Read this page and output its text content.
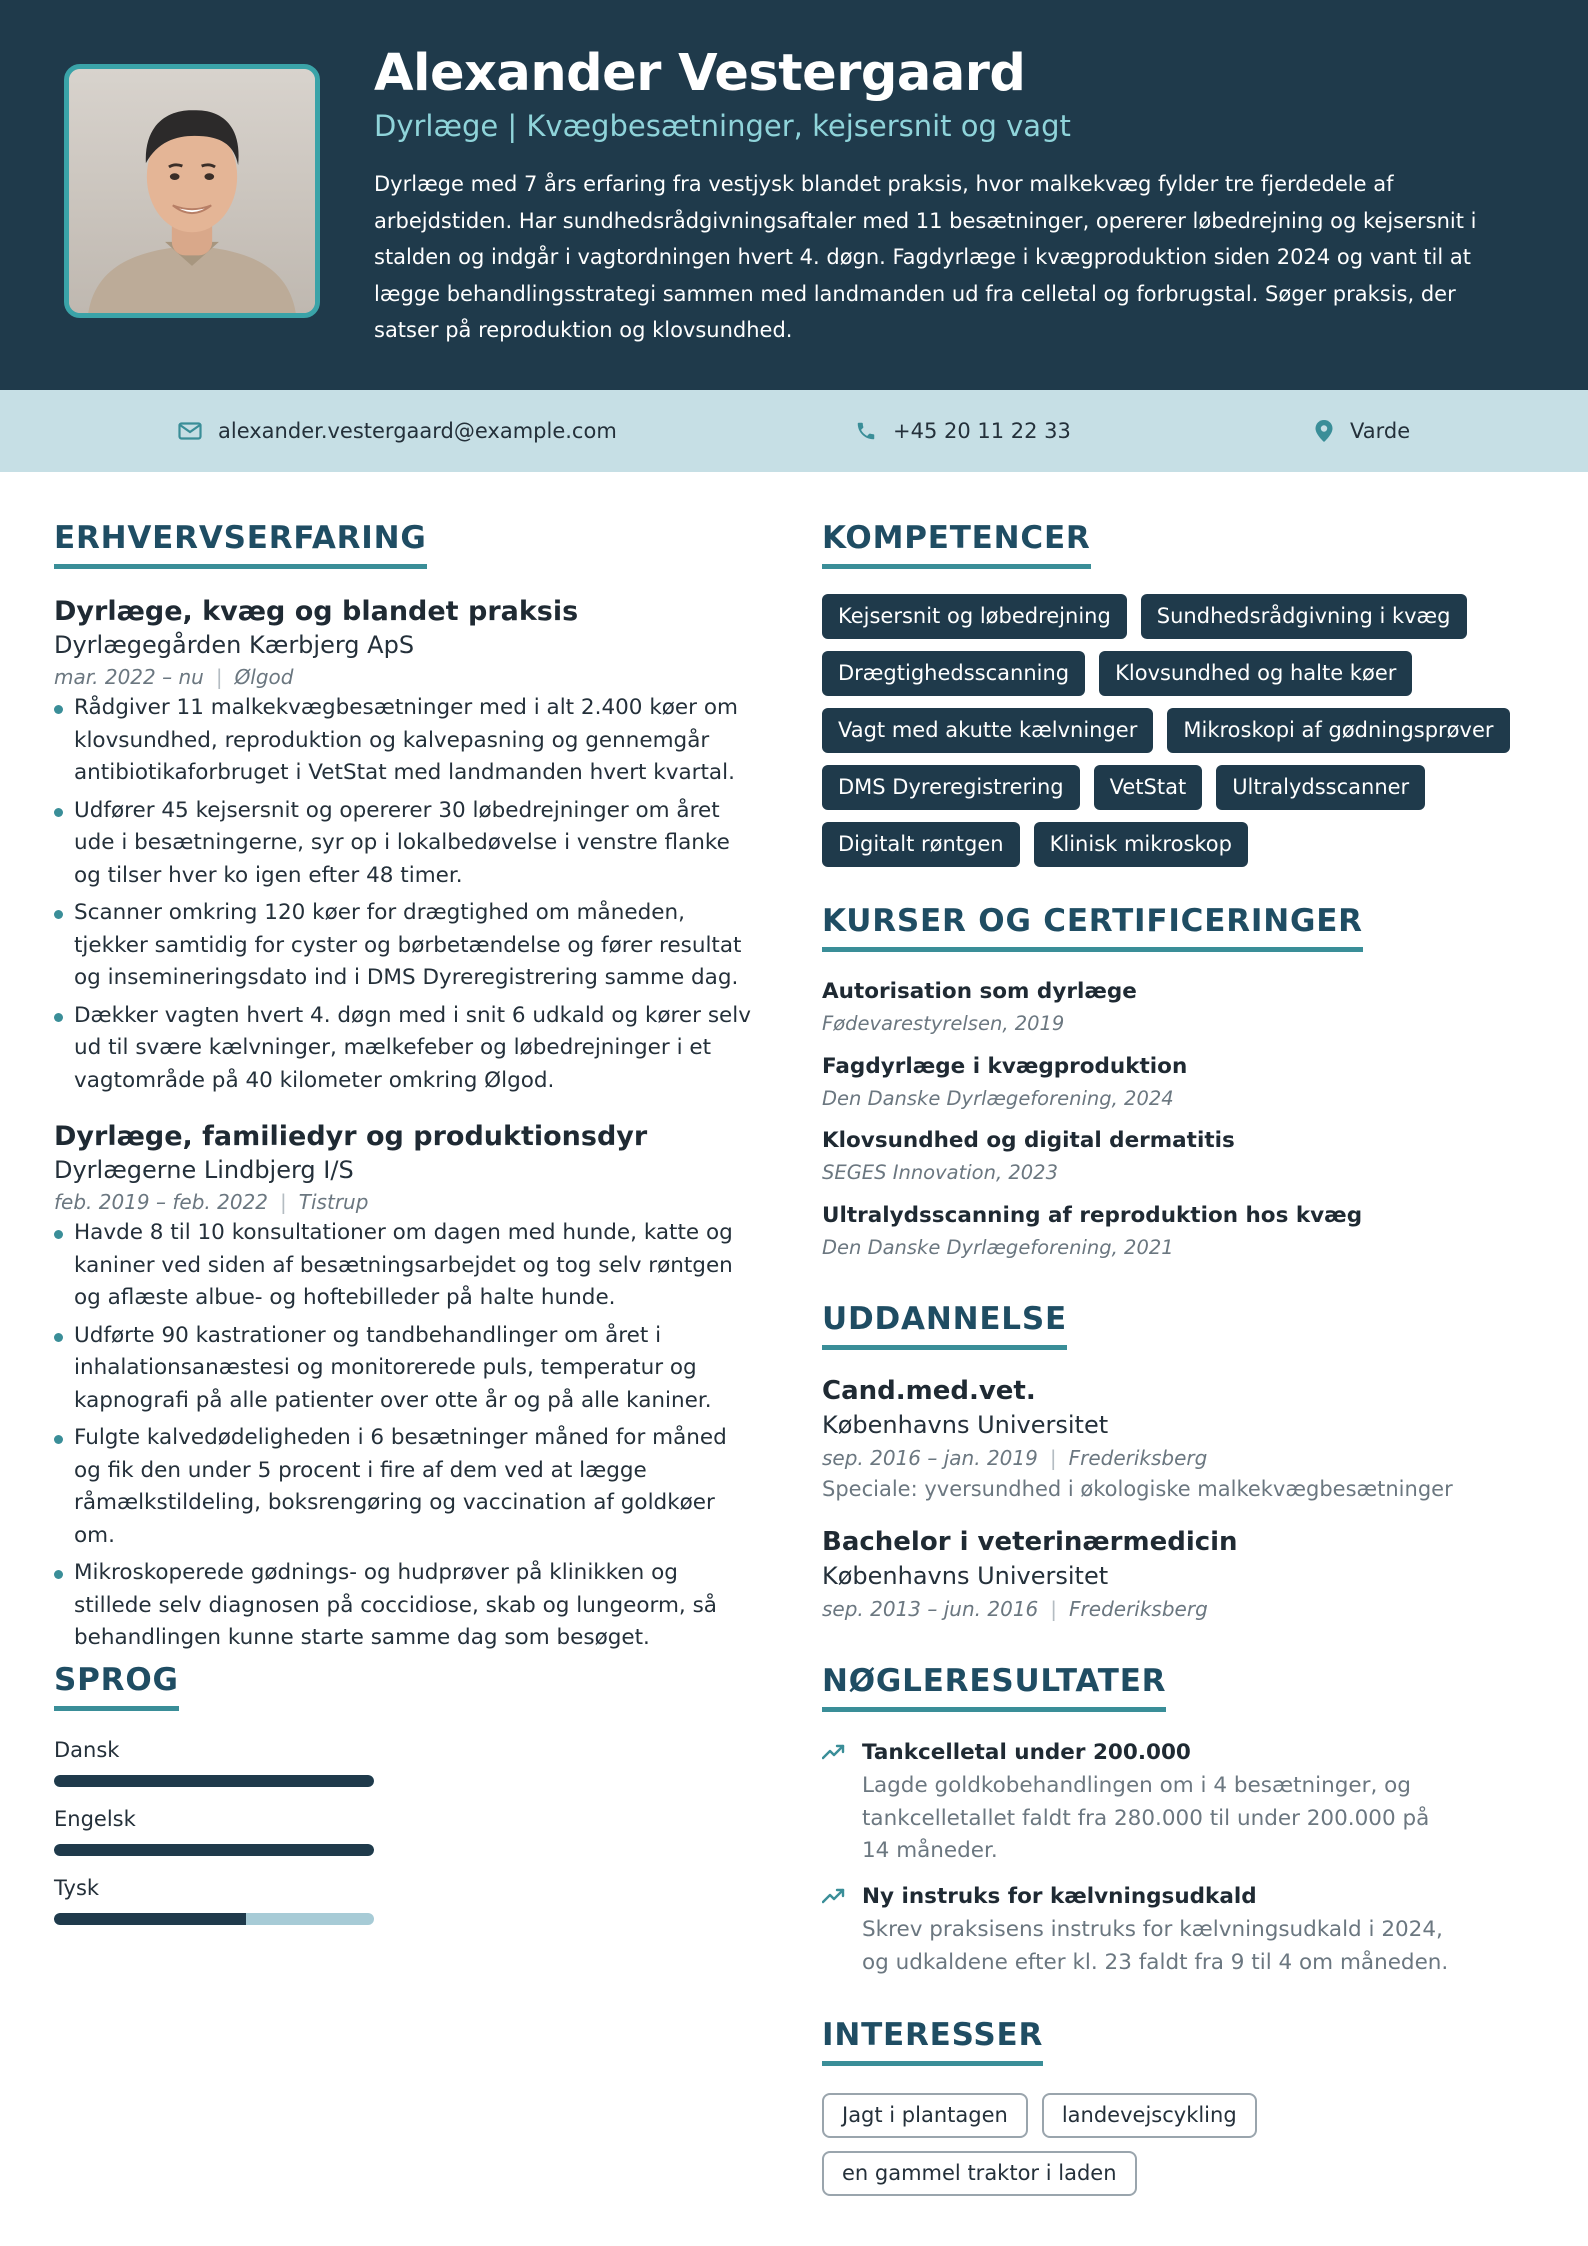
Alexander Vestergaard
Dyrlæge | Kvægbesætninger, kejsersnit og vagt
Dyrlæge med 7 års erfaring fra vestjysk blandet praksis, hvor malkekvæg fylder tre fjerdedele af arbejdstiden. Har sundhedsrådgivningsaftaler med 11 besætninger, opererer løbedrejning og kejsersnit i stalden og indgår i vagtordningen hvert 4. døgn. Fagdyrlæge i kvægproduktion siden 2024 og vant til at lægge behandlingsstrategi sammen med landmanden ud fra celletal og forbrugstal. Søger praksis, der satser på reproduktion og klovsundhed.
alexander.vestergaard@example.com	+45 20 11 22 33	Varde
ERHVERVSERFARING
Dyrlæge, kvæg og blandet praksis
Dyrlægegården Kærbjerg ApS
mar. 2022 – nu | Ølgod
Rådgiver 11 malkekvægbesætninger med i alt 2.400 køer om klovsundhed, reproduktion og kalvepasning og gennemgår antibiotikaforbruget i VetStat med landmanden hvert kvartal.
Udfører 45 kejsersnit og opererer 30 løbedrejninger om året ude i besætningerne, syr op i lokalbedøvelse i venstre flanke og tilser hver ko igen efter 48 timer.
Scanner omkring 120 køer for drægtighed om måneden, tjekker samtidig for cyster og børbetændelse og fører resultat og insemineringsdato ind i DMS Dyreregistrering samme dag.
Dækker vagten hvert 4. døgn med i snit 6 udkald og kører selv ud til svære kælvninger, mælkefeber og løbedrejninger i et vagtområde på 40 kilometer omkring Ølgod.
Dyrlæge, familiedyr og produktionsdyr
Dyrlægerne Lindbjerg I/S
feb. 2019 – feb. 2022 | Tistrup
Havde 8 til 10 konsultationer om dagen med hunde, katte og kaniner ved siden af besætningsarbejdet og tog selv røntgen og aflæste albue- og hoftebilleder på halte hunde.
Udførte 90 kastrationer og tandbehandlinger om året i inhalationsanæstesi og monitorerede puls, temperatur og kapnografi på alle patienter over otte år og på alle kaniner.
Fulgte kalvedødeligheden i 6 besætninger måned for måned og fik den under 5 procent i fire af dem ved at lægge råmælkstildeling, boksrengøring og vaccination af goldkøer om.
Mikroskoperede gødnings- og hudprøver på klinikken og stillede selv diagnosen på coccidiose, skab og lungeorm, så behandlingen kunne starte samme dag som besøget.
SPROG
Dansk
Engelsk
Tysk
KOMPETENCER
Kejsersnit og løbedrejning	Sundhedsrådgivning i kvæg
Drægtighedsscanning	Klovsundhed og halte køer
Vagt med akutte kælvninger	Mikroskopi af gødningsprøver
DMS Dyreregistrering	VetStat	Ultralydsscanner
Digitalt røntgen	Klinisk mikroskop
KURSER OG CERTIFICERINGER
Autorisation som dyrlæge
Fødevarestyrelsen, 2019
Fagdyrlæge i kvægproduktion
Den Danske Dyrlægeforening, 2024
Klovsundhed og digital dermatitis
SEGES Innovation, 2023
Ultralydsscanning af reproduktion hos kvæg
Den Danske Dyrlægeforening, 2021
UDDANNELSE
Cand.med.vet.
Københavns Universitet
sep. 2016 – jan. 2019 | Frederiksberg
Speciale: yversundhed i økologiske malkekvægbesætninger
Bachelor i veterinærmedicin
Københavns Universitet
sep. 2013 – jun. 2016 | Frederiksberg
NØGLERESULTATER
Tankcelletal under 200.000
Lagde goldkobehandlingen om i 4 besætninger, og tankcelletallet faldt fra 280.000 til under 200.000 på 14 måneder.
Ny instruks for kælvningsudkald
Skrev praksisens instruks for kælvningsudkald i 2024, og udkaldene efter kl. 23 faldt fra 9 til 4 om måneden.
INTERESSER
Jagt i plantagen	landevejscykling
en gammel traktor i laden
